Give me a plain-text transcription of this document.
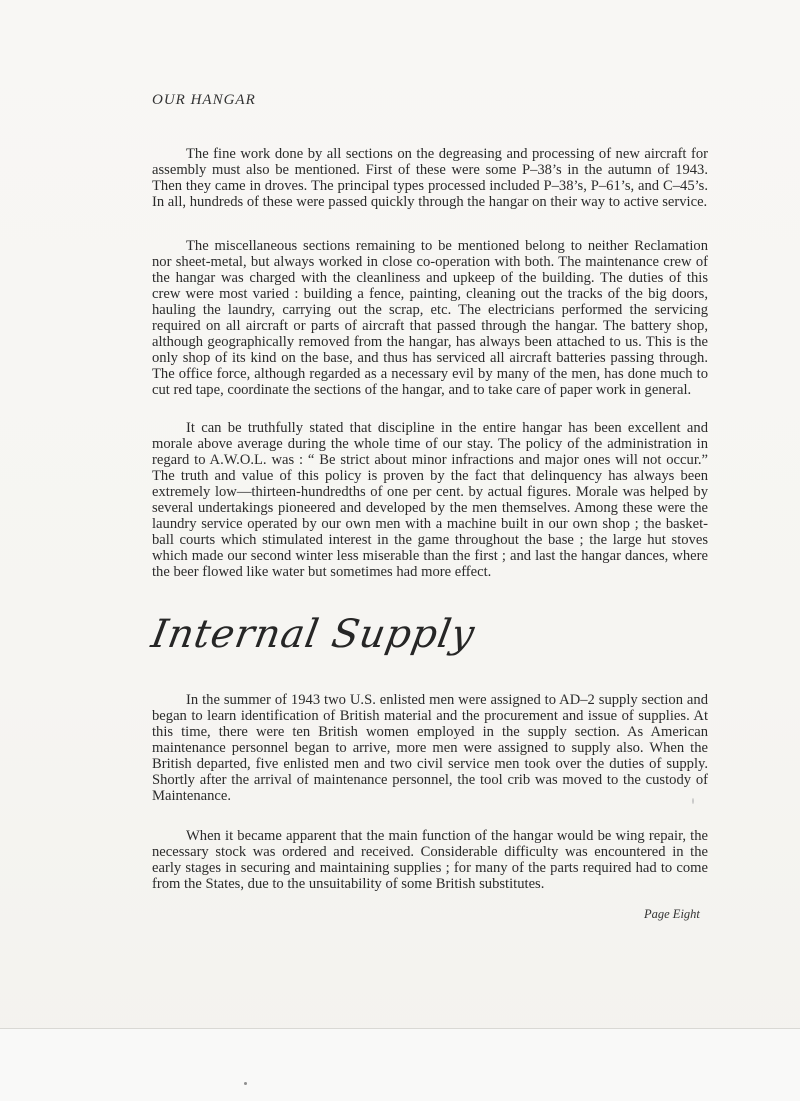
OUR HANGAR

The fine work done by all sections on the degreasing and processing of new aircraft for assembly must also be mentioned. First of these were some P–38’s in the autumn of 1943. Then they came in droves. The principal types processed included P–38’s, P–61’s, and C–45’s. In all, hundreds of these were passed quickly through the hangar on their way to active service.

The miscellaneous sections remaining to be mentioned belong to neither Reclamation nor sheet-metal, but always worked in close co-operation with both. The maintenance crew of the hangar was charged with the cleanliness and upkeep of the building. The duties of this crew were most varied : building a fence, painting, cleaning out the tracks of the big doors, hauling the laundry, carrying out the scrap, etc. The electricians performed the servicing required on all aircraft or parts of aircraft that passed through the hangar. The battery shop, although geographically removed from the hangar, has always been attached to us. This is the only shop of its kind on the base, and thus has serviced all aircraft batteries passing through. The office force, although regarded as a necessary evil by many of the men, has done much to cut red tape, coordinate the sections of the hangar, and to take care of paper work in general.

It can be truthfully stated that discipline in the entire hangar has been excellent and morale above average during the whole time of our stay. The policy of the administration in regard to A.W.O.L. was : “ Be strict about minor infractions and major ones will not occur.” The truth and value of this policy is proven by the fact that delinquency has always been extremely low—thirteen-hundredths of one per cent. by actual figures. Morale was helped by several undertakings pioneered and developed by the men themselves. Among these were the laundry service operated by our own men with a machine built in our own shop ; the basket-ball courts which stimulated interest in the game throughout the base ; the large hut stoves which made our second winter less miserable than the first ; and last the hangar dances, where the beer flowed like water but sometimes had more effect.

Internal Supply

In the summer of 1943 two U.S. enlisted men were assigned to AD–2 supply section and began to learn identification of British material and the procurement and issue of supplies. At this time, there were ten British women employed in the supply section. As American maintenance personnel began to arrive, more men were assigned to supply also. When the British departed, five enlisted men and two civil service men took over the duties of supply. Shortly after the arrival of maintenance personnel, the tool crib was moved to the custody of Maintenance.

When it became apparent that the main function of the hangar would be wing repair, the necessary stock was ordered and received. Considerable difficulty was encountered in the early stages in securing and maintaining supplies ; for many of the parts required had to come from the States, due to the unsuitability of some British substitutes.

Page Eight
